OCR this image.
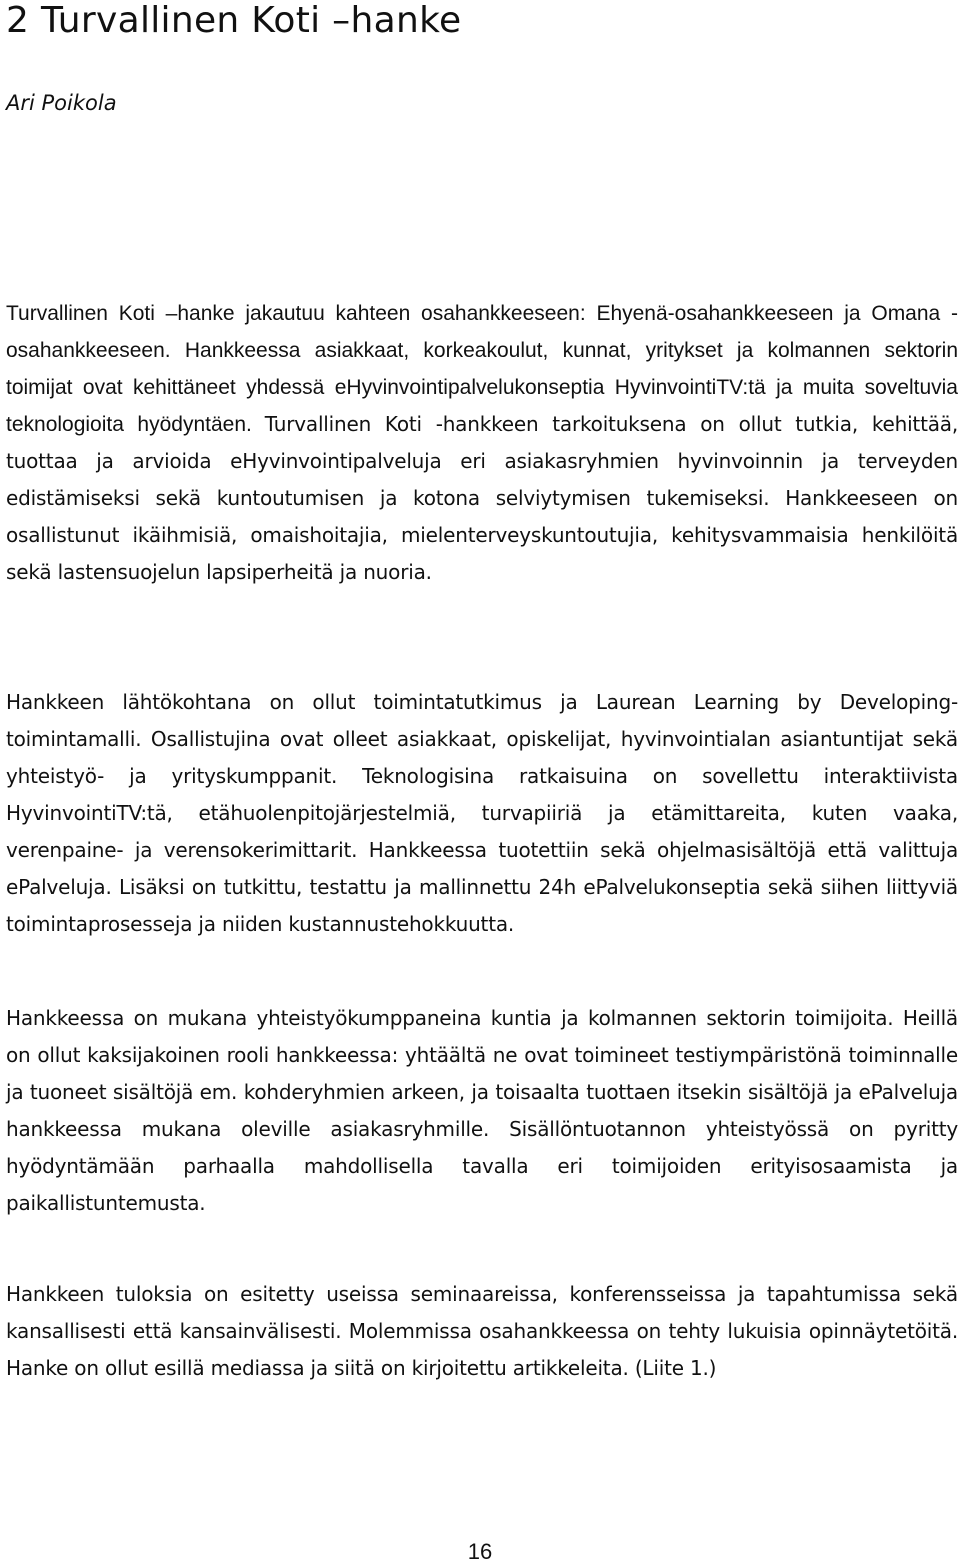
2 Turvallinen Koti –hanke
Ari Poikola

Turvallinen Koti –hanke jakautuu kahteen osahankkeeseen: Ehyenä-osahankkeeseen ja Omana -osahankkeeseen. Hankkeessa asiakkaat, korkeakoulut, kunnat, yritykset ja kolmannen sektorin toimijat ovat kehittäneet yhdessä eHyvinvointipalvelukonseptia HyvinvointiTV:tä ja muita soveltuvia teknologioita hyödyntäen. Turvallinen Koti -hankkeen tarkoituksena on ollut tutkia, kehittää, tuottaa ja arvioida eHyvinvointipalveluja eri asiakasryhmien hyvinvoinnin ja terveyden edistämiseksi sekä kuntoutumisen ja kotona selviytymisen tukemiseksi. Hankkeeseen on osallistunut ikäihmisiä, omaishoitajia, mielenterveyskuntoutujia, kehitysvammaisia henkilöitä sekä lastensuojelun lapsiperheitä ja nuoria.

Hankkeen lähtökohtana on ollut toimintatutkimus ja Laurean Learning by Developing-toimintamalli. Osallistujina ovat olleet asiakkaat, opiskelijat, hyvinvointialan asiantuntijat sekä yhteistyö- ja yrityskumppanit. Teknologisina ratkaisuina on sovellettu interaktiivista HyvinvointiTV:tä, etähuolenpitojärjestelmiä, turvapiiriä ja etämittareita, kuten vaaka, verenpaine- ja verensokerimittarit. Hankkeessa tuotettiin sekä ohjelmasisältöjä että valittuja ePalveluja. Lisäksi on tutkittu, testattu ja mallinnettu 24h ePalvelukonseptia sekä siihen liittyviä toimintaprosesseja ja niiden kustannustehokkuutta.

Hankkeessa on mukana yhteistyökumppaneina kuntia ja kolmannen sektorin toimijoita. Heillä on ollut kaksijakoinen rooli hankkeessa: yhtäältä ne ovat toimineet testiympäristönä toiminnalle ja tuoneet sisältöjä em. kohderyhmien arkeen, ja toisaalta tuottaen itsekin sisältöjä ja ePalveluja hankkeessa mukana oleville asiakasryhmille. Sisällöntuotannon yhteistyössä on pyritty hyödyntämään parhaalla mahdollisella tavalla eri toimijoiden erityisosaamista ja paikallistuntemusta.

Hankkeen tuloksia on esitetty useissa seminaareissa, konferensseissa ja tapahtumissa sekä kansallisesti että kansainvälisesti. Molemmissa osahankkeessa on tehty lukuisia opinnäytetöitä. Hanke on ollut esillä mediassa ja siitä on kirjoitettu artikkeleita. (Liite 1.)

16
